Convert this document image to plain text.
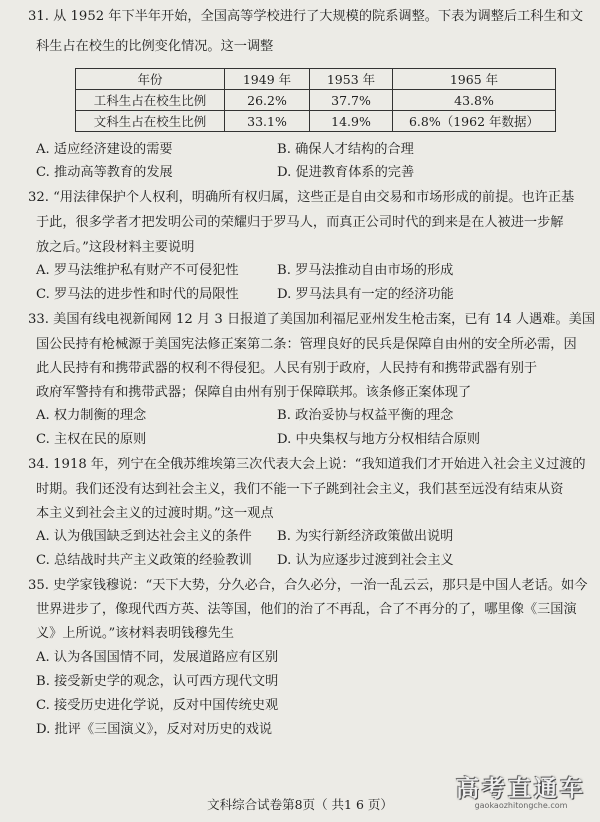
31. 从 1952 年下半年开始，全国高等学校进行了大规模的院系调整。下表为调整后工科生和文
科生占在校生的比例变化情况。这一调整
年份	1949 年	1953 年	1965 年
工科生占在校生比例	26.2%	37.7%	43.8%
文科生占在校生比例	33.1%	14.9%	6.8%（1962 年数据）
A. 适应经济建设的需要	B. 确保人才结构的合理
C. 推动高等教育的发展	D. 促进教育体系的完善
32. “用法律保护个人权利，明确所有权归属，这些正是自由交易和市场形成的前提。也许正基
于此，很多学者才把发明公司的荣耀归于罗马人，而真正公司时代的到来是在人被进一步解
放之后。”这段材料主要说明
A. 罗马法维护私有财产不可侵犯性	B. 罗马法推动自由市场的形成
C. 罗马法的进步性和时代的局限性	D. 罗马法具有一定的经济功能
33. 美国有线电视新闻网 12 月 3 日报道了美国加利福尼亚州发生枪击案，已有 14 人遇难。美国
国公民持有枪械源于美国宪法修正案第二条：管理良好的民兵是保障自由州的安全所必需，因
此人民持有和携带武器的权利不得侵犯。人民有别于政府，人民持有和携带武器有别于
政府军警持有和携带武器；保障自由州有别于保障联邦。该条修正案体现了
A. 权力制衡的理念	B. 政治妥协与权益平衡的理念
C. 主权在民的原则	D. 中央集权与地方分权相结合原则
34. 1918 年，列宁在全俄苏维埃第三次代表大会上说：“我知道我们才开始进入社会主义过渡的
时期。我们还没有达到社会主义，我们不能一下子跳到社会主义，我们甚至远没有结束从资
本主义到社会主义的过渡时期。”这一观点
A. 认为俄国缺乏到达社会主义的条件 B. 为实行新经济政策做出说明
C. 总结战时共产主义政策的经验教训 D. 认为应逐步过渡到社会主义
35. 史学家钱穆说：“天下大势，分久必合，合久必分，一治一乱云云，那只是中国人老话。如今
世界进步了，像现代西方英、法等国，他们的治了不再乱，合了不再分的了，哪里像《三国演
义》上所说。”该材料表明钱穆先生
A. 认为各国国情不同，发展道路应有区别
B. 接受新史学的观念，认可西方现代文明
C. 接受历史进化学说，反对中国传统史观
D. 批评《三国演义》，反对对历史的戏说
高考直通车
gaokaozhitongche.com
文科综合试卷第8页（ 共1 6 页）
